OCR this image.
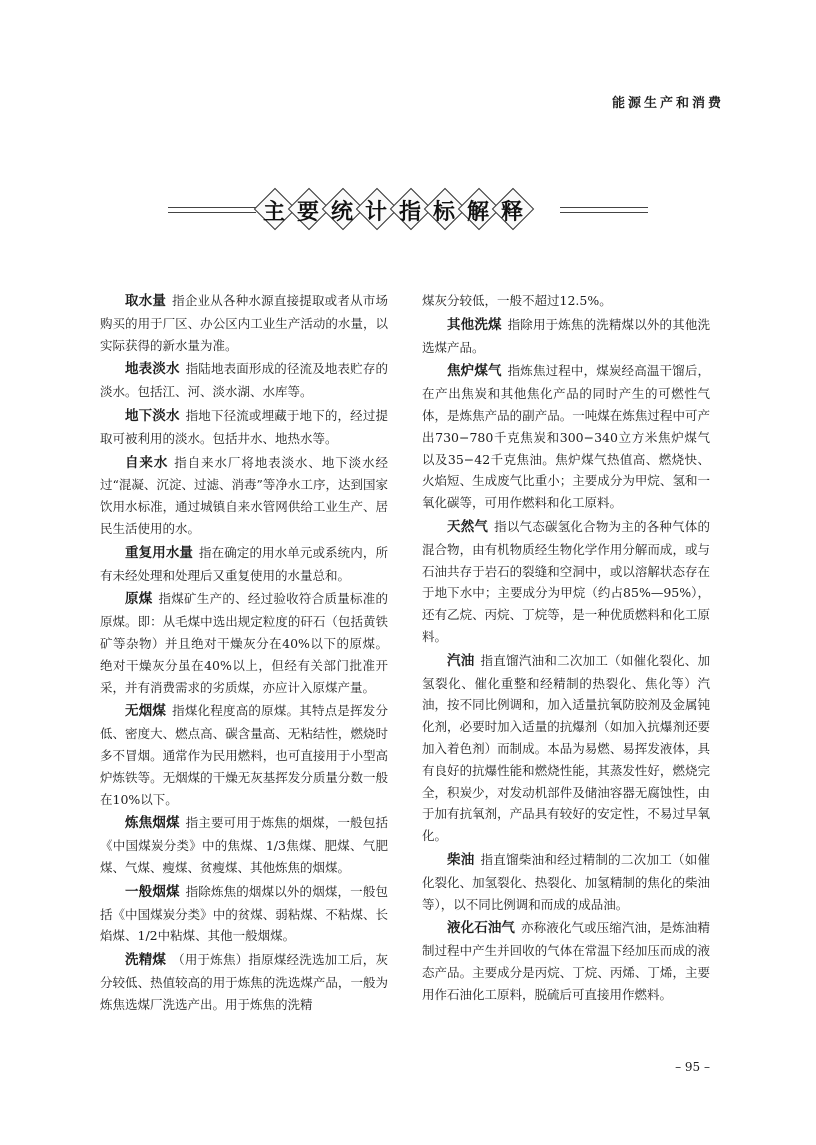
能源生产和消费
主 要 统 计 指 标 解 释

取水量 指企业从各种水源直接提取或者从市场购买的用于厂区、办公区内工业生产活动的水量，以实际获得的新水量为准。

地表淡水 指陆地表面形成的径流及地表贮存的淡水。包括江、河、淡水湖、水库等。

地下淡水 指地下径流或埋藏于地下的，经过提取可被利用的淡水。包括井水、地热水等。

自来水 指自来水厂将地表淡水、地下淡水经过“混凝、沉淀、过滤、消毒”等净水工序，达到国家饮用水标准，通过城镇自来水管网供给工业生产、居民生活使用的水。

重复用水量 指在确定的用水单元或系统内，所有未经处理和处理后又重复使用的水量总和。

原煤 指煤矿生产的、经过验收符合质量标准的原煤。即：从毛煤中选出规定粒度的矸石（包括黄铁矿等杂物）并且绝对干燥灰分在40%以下的原煤。绝对干燥灰分虽在40%以上，但经有关部门批准开采，并有消费需求的劣质煤，亦应计入原煤产量。

无烟煤 指煤化程度高的原煤。其特点是挥发分低、密度大、燃点高、碳含量高、无粘结性，燃烧时多不冒烟。通常作为民用燃料，也可直接用于小型高炉炼铁等。无烟煤的干燥无灰基挥发分质量分数一般在10%以下。

炼焦烟煤 指主要可用于炼焦的烟煤，一般包括《中国煤炭分类》中的焦煤、1/3焦煤、肥煤、气肥煤、气煤、瘦煤、贫瘦煤、其他炼焦的烟煤。

一般烟煤 指除炼焦的烟煤以外的烟煤，一般包括《中国煤炭分类》中的贫煤、弱粘煤、不粘煤、长焰煤、1/2中粘煤、其他一般烟煤。

洗精煤 （用于炼焦）指原煤经洗选加工后，灰分较低、热值较高的用于炼焦的洗选煤产品，一般为炼焦选煤厂洗选产出。用于炼焦的洗精

煤灰分较低，一般不超过12.5%。

其他洗煤 指除用于炼焦的洗精煤以外的其他洗选煤产品。

焦炉煤气 指炼焦过程中，煤炭经高温干馏后，在产出焦炭和其他焦化产品的同时产生的可燃性气体，是炼焦产品的副产品。一吨煤在炼焦过程中可产出730−780千克焦炭和300−340立方米焦炉煤气以及35−42千克焦油。焦炉煤气热值高、燃烧快、火焰短、生成废气比重小；主要成分为甲烷、氢和一氧化碳等，可用作燃料和化工原料。

天然气 指以气态碳氢化合物为主的各种气体的混合物，由有机物质经生物化学作用分解而成，或与石油共存于岩石的裂缝和空洞中，或以溶解状态存在于地下水中；主要成分为甲烷（约占85%—95%），还有乙烷、丙烷、丁烷等，是一种优质燃料和化工原料。

汽油 指直馏汽油和二次加工（如催化裂化、加氢裂化、催化重整和经精制的热裂化、焦化等）汽油，按不同比例调和，加入适量抗氧防胶剂及金属钝化剂，必要时加入适量的抗爆剂（如加入抗爆剂还要加入着色剂）而制成。本品为易燃、易挥发液体，具有良好的抗爆性能和燃烧性能，其蒸发性好，燃烧完全，积炭少，对发动机部件及储油容器无腐蚀性，由于加有抗氧剂，产品具有较好的安定性，不易过早氧化。

柴油 指直馏柴油和经过精制的二次加工（如催化裂化、加氢裂化、热裂化、加氢精制的焦化的柴油等），以不同比例调和而成的成品油。

液化石油气 亦称液化气或压缩汽油，是炼油精制过程中产生并回收的气体在常温下经加压而成的液态产品。主要成分是丙烷、丁烷、丙烯、丁烯，主要用作石油化工原料，脱硫后可直接用作燃料。

– 95 –
